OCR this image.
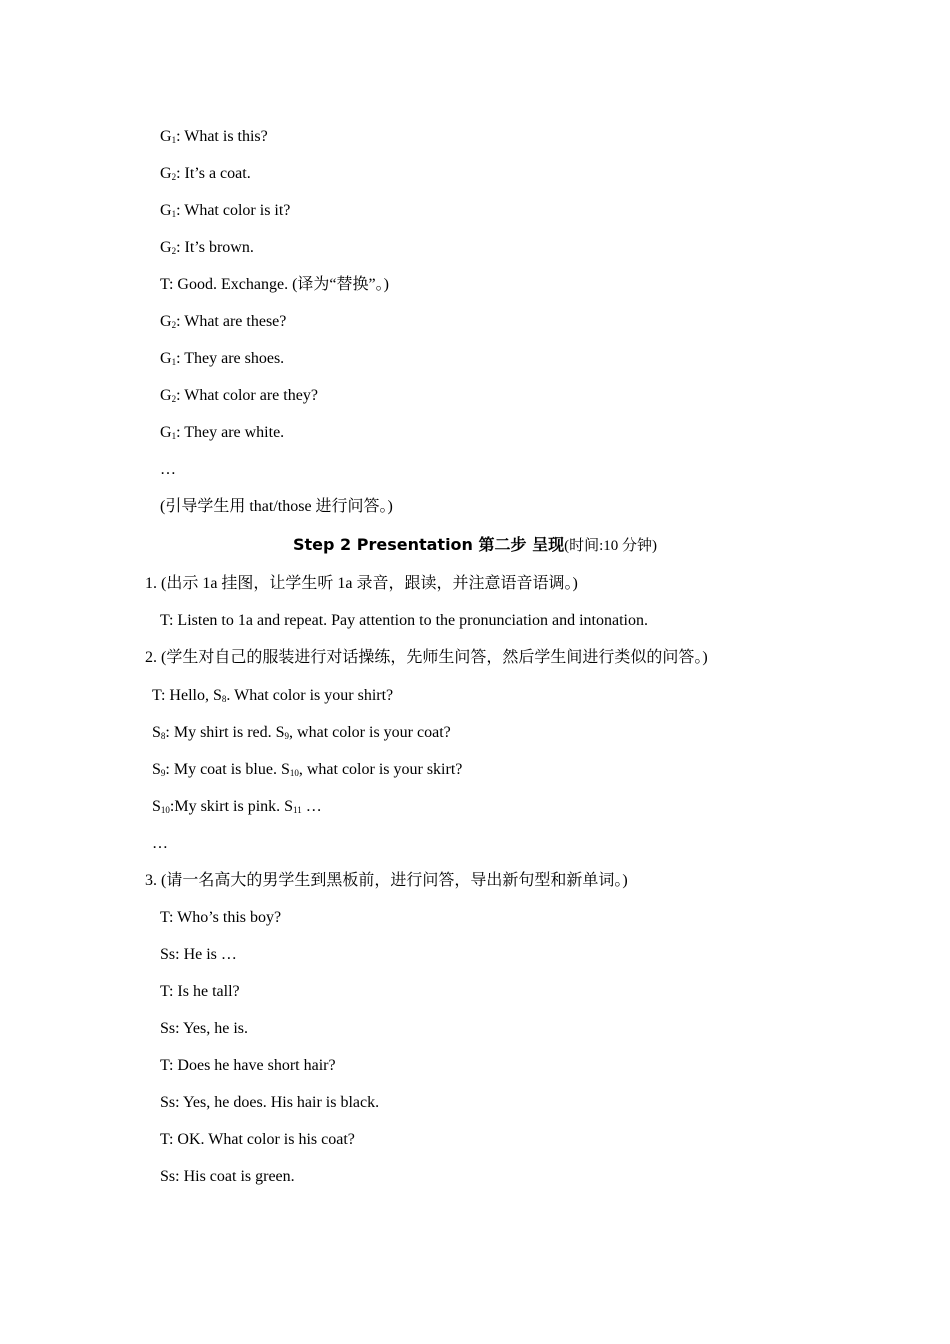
$G_1$: What is this?
$G_2$: It’s a coat.
$G_1$: What color is it?
$G_2$: It’s brown.
T: Good. Exchange. (译为“替换”。)
$G_2$: What are these?
$G_1$: They are shoes.
$G_2$: What color are they?
$G_1$: They are white.
…
(引导学生用 that/those 进行问答。)
Step 2 Presentation 第二步 呈现(时间:10 分钟)
1. (出示 1a 挂图，让学生听 1a 录音，跟读，并注意语音语调。)
T: Listen to 1a and repeat. Pay attention to the pronunciation and intonation.
2. (学生对自己的服装进行对话操练，先师生问答，然后学生间进行类似的问答。)
T: Hello, $S_8$. What color is your shirt?
$S_8$: My shirt is red. $S_9$, what color is your coat?
$S_9$: My coat is blue. $S_{10}$, what color is your skirt?
$S_{10}:My$ skirt is pink. $S_{11}$ …
…
3. (请一名高大的男学生到黑板前，进行问答，导出新句型和新单词。)
T: Who’s this boy?
Ss: He is …
T: Is he tall?
Ss: Yes, he is.
T: Does he have short hair?
Ss: Yes, he does. His hair is black.
T: OK. What color is his coat?
Ss: His coat is green.
